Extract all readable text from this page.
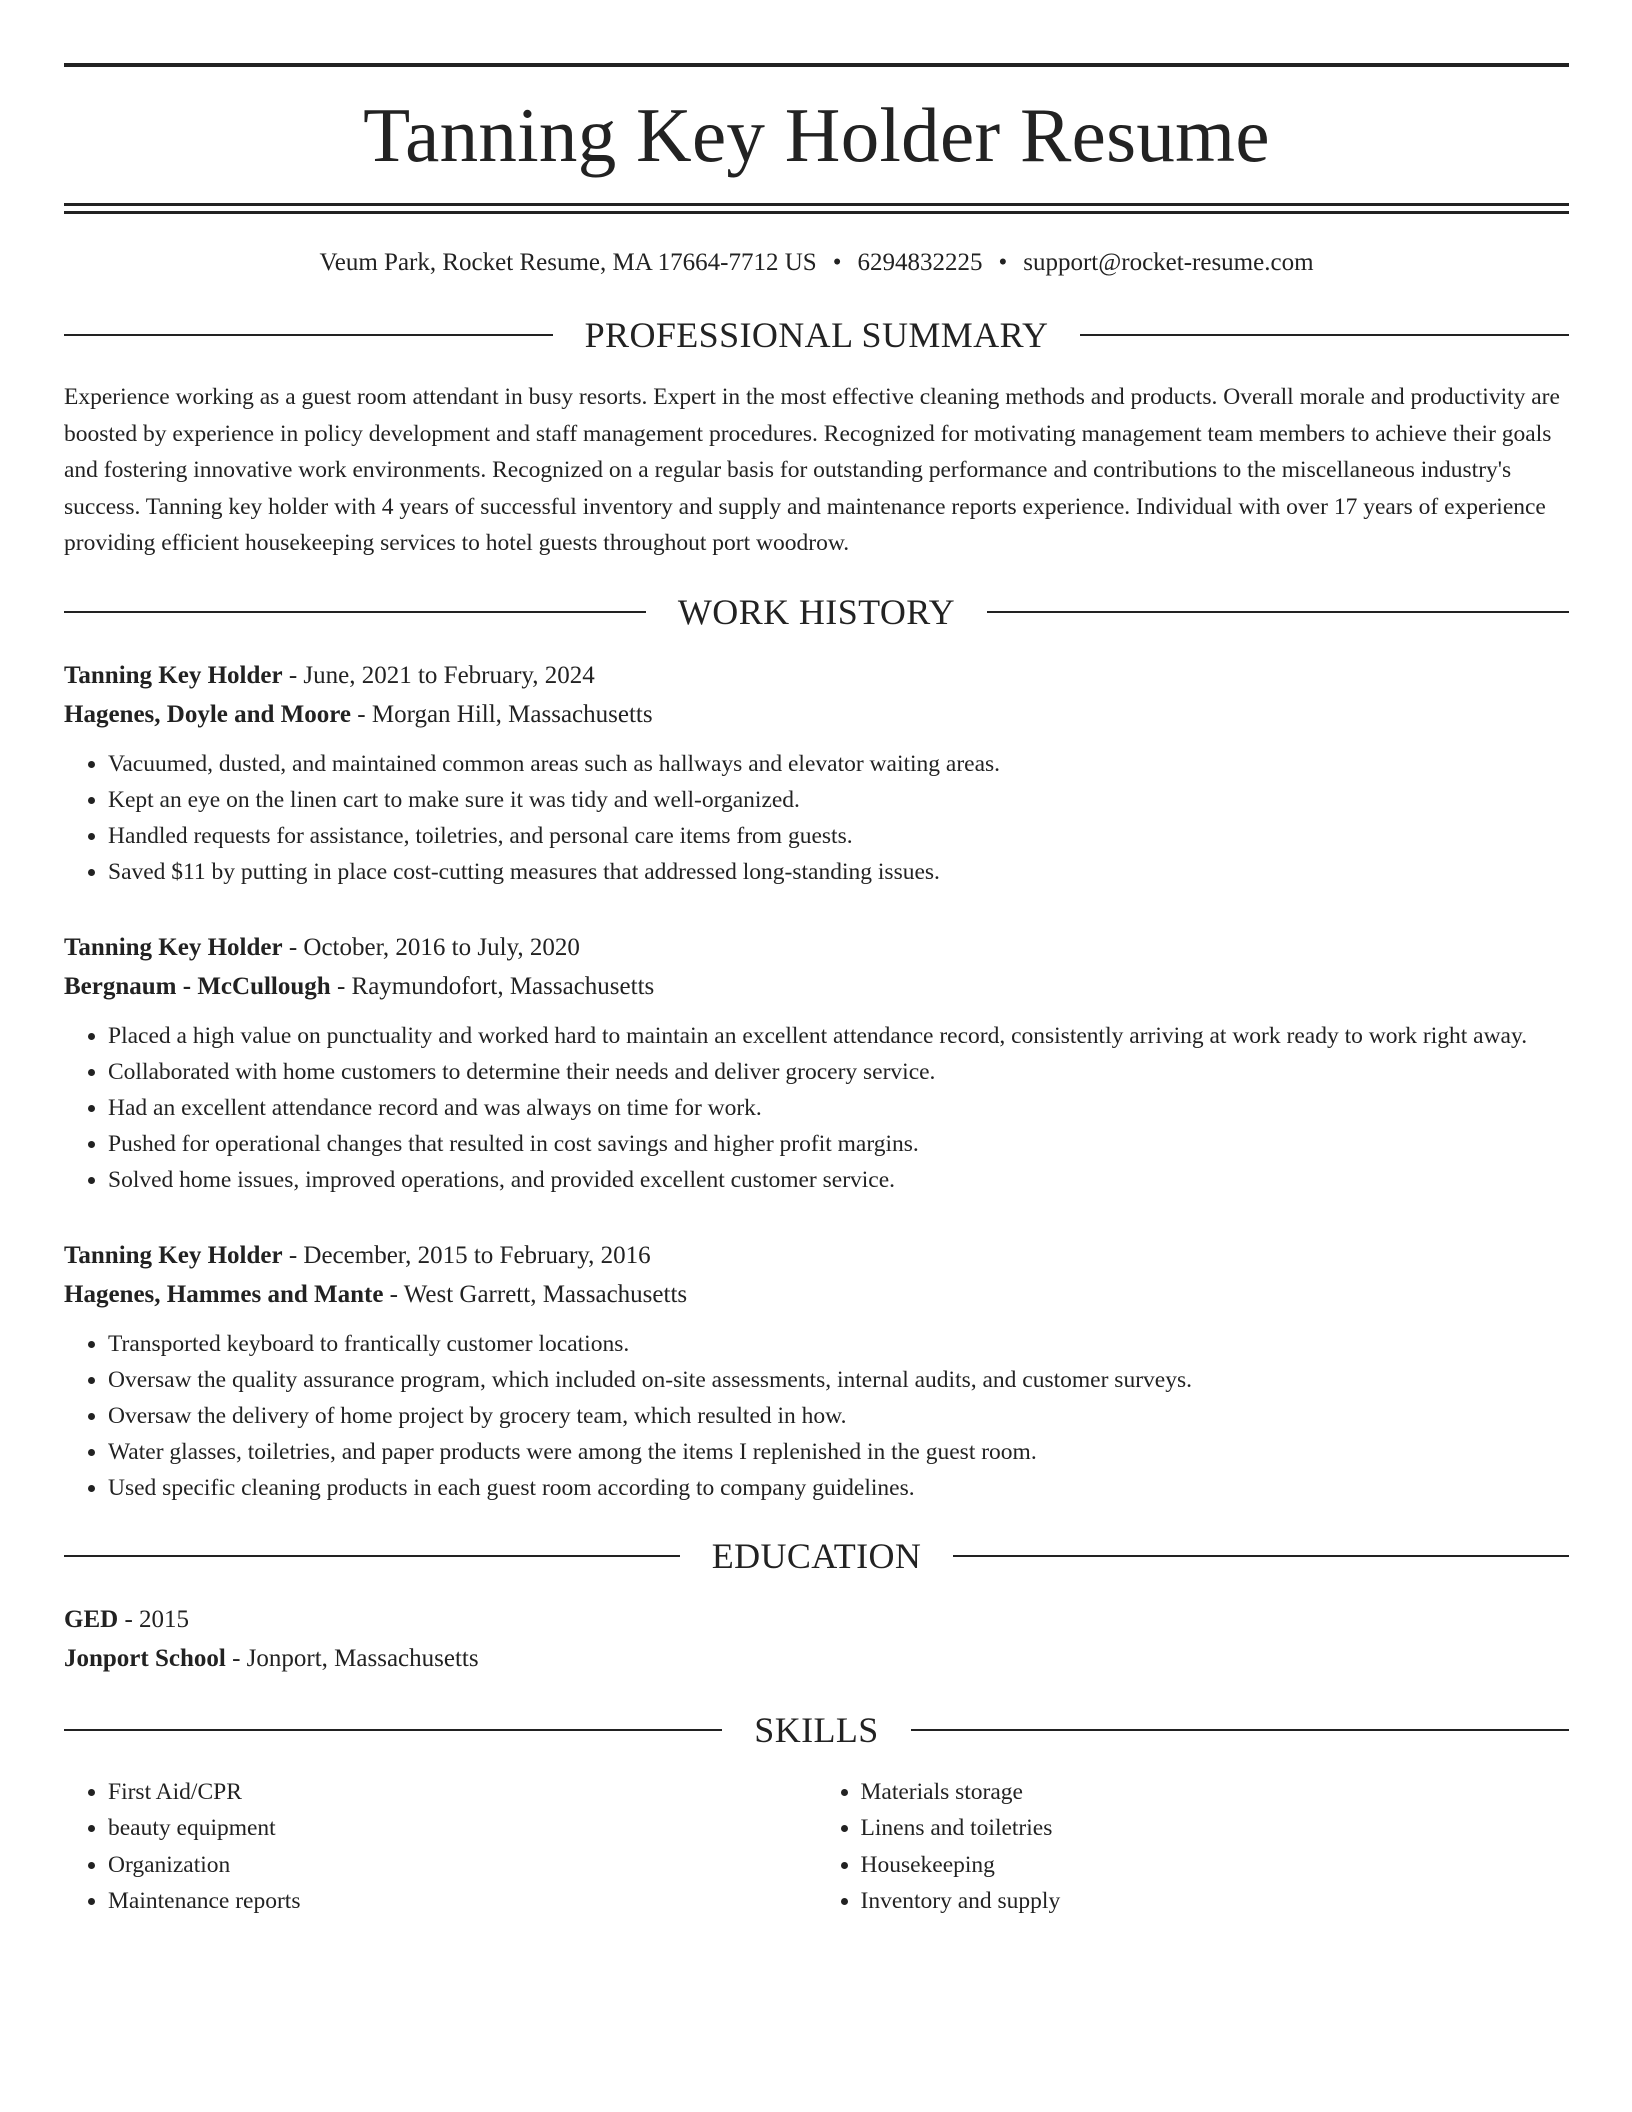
Tanning Key Holder Resume
Veum Park, Rocket Resume, MA 17664-7712 US • 6294832225 • support@rocket-resume.com
PROFESSIONAL SUMMARY

Experience working as a guest room attendant in busy resorts. Expert in the most effective cleaning methods and products. Overall morale and productivity are boosted by experience in policy development and staff management procedures. Recognized for motivating management team members to achieve their goals and fostering innovative work environments. Recognized on a regular basis for outstanding performance and contributions to the miscellaneous industry's success. Tanning key holder with 4 years of successful inventory and supply and maintenance reports experience. Individual with over 17 years of experience providing efficient housekeeping services to hotel guests throughout port woodrow.

WORK HISTORY
Tanning Key Holder - June, 2021 to February, 2024
Hagenes, Doyle and Moore - Morgan Hill, Massachusetts
• Vacuumed, dusted, and maintained common areas such as hallways and elevator waiting areas.
• Kept an eye on the linen cart to make sure it was tidy and well-organized.
• Handled requests for assistance, toiletries, and personal care items from guests.
• Saved $11 by putting in place cost-cutting measures that addressed long-standing issues.
Tanning Key Holder - October, 2016 to July, 2020
Bergnaum - McCullough - Raymundofort, Massachusetts
• Placed a high value on punctuality and worked hard to maintain an excellent attendance record, consistently arriving at work ready to work right away.
• Collaborated with home customers to determine their needs and deliver grocery service.
• Had an excellent attendance record and was always on time for work.
• Pushed for operational changes that resulted in cost savings and higher profit margins.
• Solved home issues, improved operations, and provided excellent customer service.
Tanning Key Holder - December, 2015 to February, 2016
Hagenes, Hammes and Mante - West Garrett, Massachusetts
• Transported keyboard to frantically customer locations.
• Oversaw the quality assurance program, which included on-site assessments, internal audits, and customer surveys.
• Oversaw the delivery of home project by grocery team, which resulted in how.
• Water glasses, toiletries, and paper products were among the items I replenished in the guest room.
• Used specific cleaning products in each guest room according to company guidelines.
EDUCATION
GED - 2015
Jonport School - Jonport, Massachusetts
SKILLS
• First Aid/CPR
• beauty equipment
• Organization
• Maintenance reports
• Materials storage
• Linens and toiletries
• Housekeeping
• Inventory and supply
